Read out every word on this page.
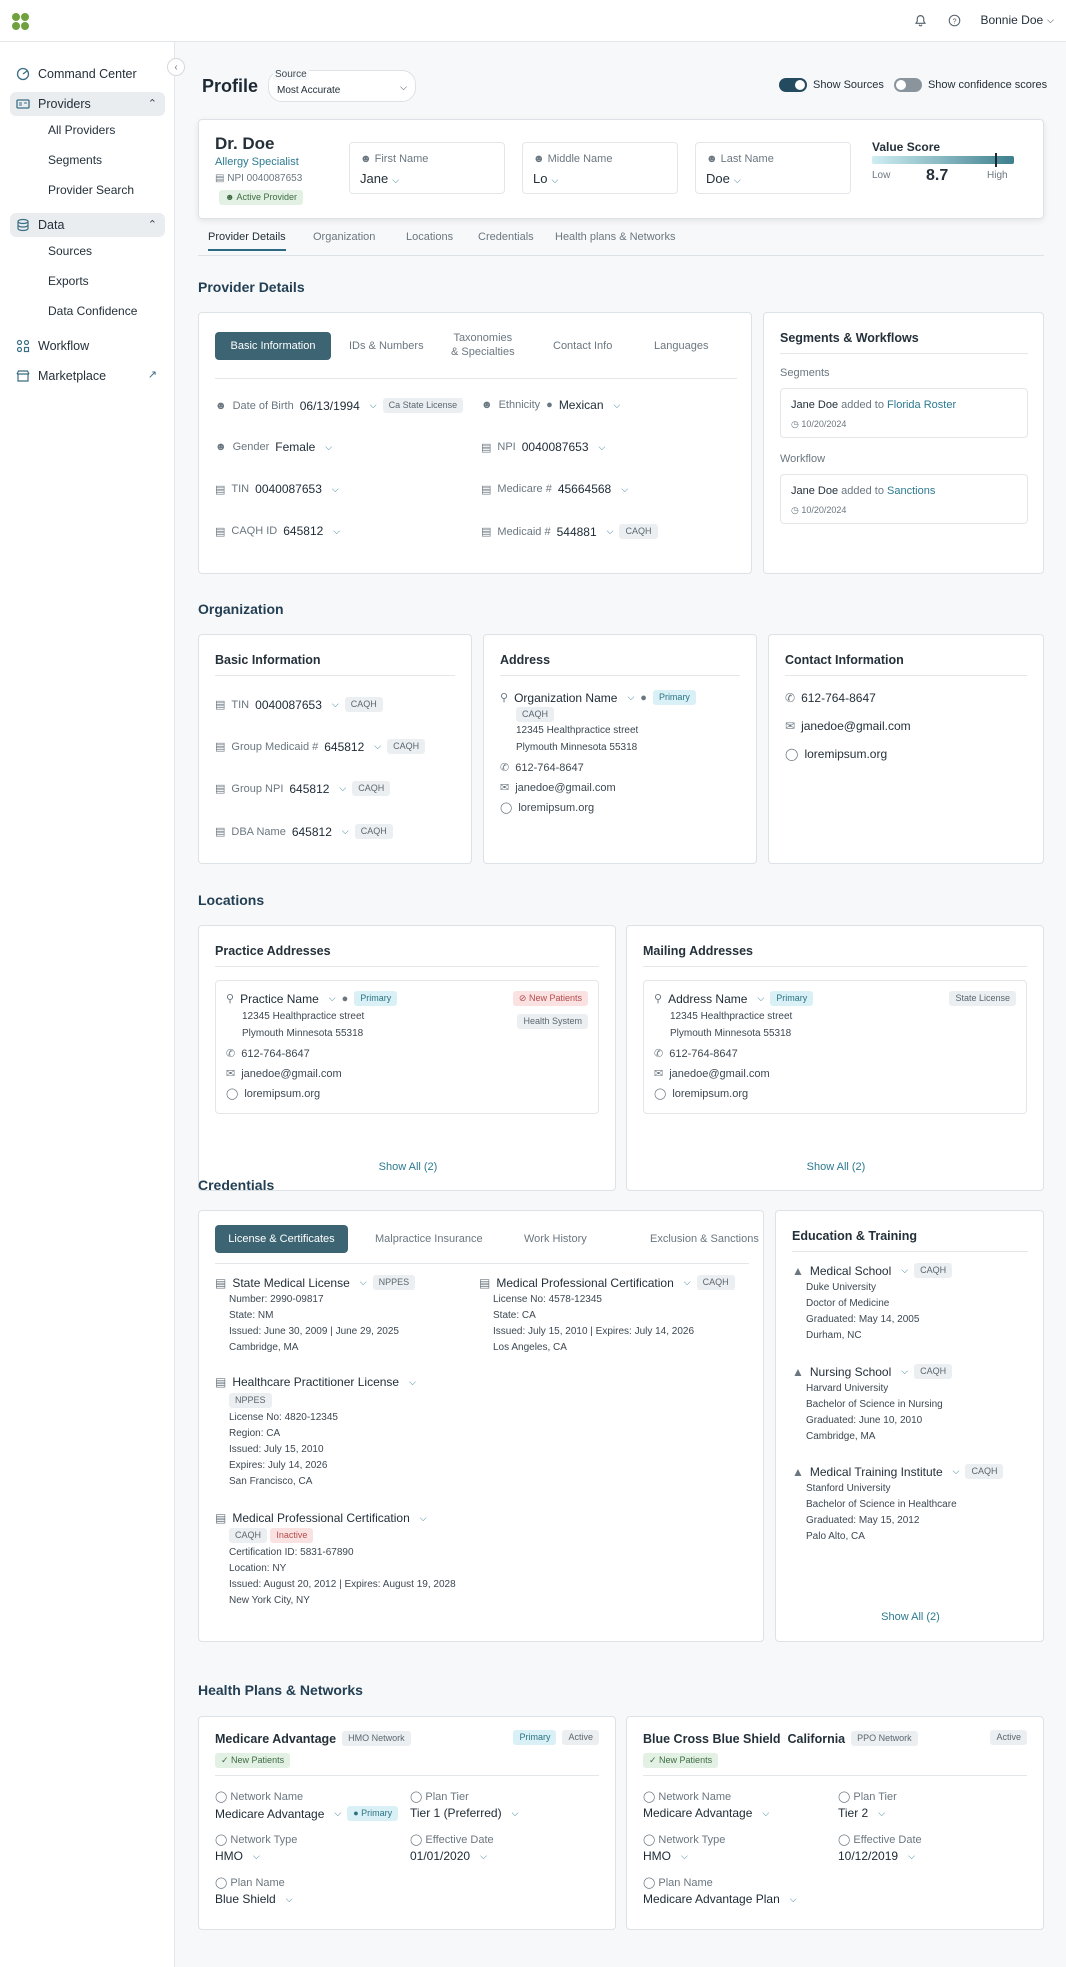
? Bonnie Doe ⌵
Command Center
Providers	⌃
All Providers
Segments
Provider Search
Data	⌃
Sources
Exports
Data Confidence
Workflow
Marketplace	↗
‹
Profile
Source
Most Accurate	⌵	Show Sources	Show confidence scores
Dr. Doe
Allergy Specialist
▤ NPI 0040087653
☻ Active Provider
☻ First Name
Jane ⌵
☻ Middle Name
Lo ⌵
☻ Last Name
Doe ⌵
Value Score
Low 8.7	High
Provider Details Organization	Locations Credentials Health plans & Networks
Provider Details
Basic Information	IDs & Numbers
Taxonomies
& Specialties	Contact Info	Languages
☻ Date of Birth 06/13/1994 ⌵	Ca State License	☻ Ethnicity ● Mexican ⌵
☻ Gender Female ⌵	▤ NPI 0040087653 ⌵
▤ TIN 0040087653 ⌵	▤ Medicare # 45664568 ⌵
▤ CAQH ID 645812 ⌵	▤ Medicaid # 544881 ⌵	CAQH
Segments & Workflows
Segments
Jane Doe added to Florida Roster
◷ 10/20/2024
Workflow
Jane Doe added to Sanctions
◷ 10/20/2024
Organization
Basic Information
▤ TIN 0040087653 ⌵	CAQH
▤ Group Medicaid # 645812 ⌵	CAQH
▤ Group NPI 645812 ⌵	CAQH
▤ DBA Name 645812 ⌵	CAQH
Address
⚲ Organization Name ⌵ ●	Primary
CAQH
12345 Healthpractice street
Plymouth Minnesota 55318
✆ 612-764-8647
✉ janedoe@gmail.com
◯ loremipsum.org
Contact Information
✆ 612-764-8647
✉ janedoe@gmail.com
◯ loremipsum.org
Locations
Practice Addresses
⚲ Practice Name ⌵ ●	Primary	⊘ New Patients
Health System
12345 Healthpractice street
Plymouth Minnesota 55318
✆ 612-764-8647
✉ janedoe@gmail.com
◯ loremipsum.org
Show All (2)
Mailing Addresses
⚲ Address Name ⌵	Primary	State License
12345 Healthpractice street
Plymouth Minnesota 55318
✆ 612-764-8647
✉ janedoe@gmail.com
◯ loremipsum.org
Show All (2)
Credentials
License & Certificates	Malpractice Insurance	Work History	Exclusion & Sanctions
▤ State Medical License ⌵	NPPES
Number: 2990-09817
State: NM
Issued: June 30, 2009 | June 29, 2025
Cambridge, MA
▤ Medical Professional Certification ⌵	CAQH
License No: 4578-12345
State: CA
Issued: July 15, 2010 | Expires: July 14, 2026
Los Angeles, CA
▤ Healthcare Practitioner License ⌵
NPPES
License No: 4820-12345
Region: CA
Issued: July 15, 2010
Expires: July 14, 2026
San Francisco, CA
▤ Medical Professional Certification ⌵
CAQH Inactive
Certification ID: 5831-67890
Location: NY
Issued: August 20, 2012 | Expires: August 19, 2028
New York City, NY
Education & Training
▲ Medical School ⌵	CAQH
Duke University
Doctor of Medicine
Graduated: May 14, 2005
Durham, NC
▲ Nursing School ⌵	CAQH
Harvard University
Bachelor of Science in Nursing
Graduated: June 10, 2010
Cambridge, MA
▲ Medical Training Institute ⌵	CAQH
Stanford University
Bachelor of Science in Healthcare
Graduated: May 15, 2012
Palo Alto, CA
Show All (2)
Health Plans & Networks
Medicare Advantage	HMO Network	Primary	Active
✓ New Patients
◯ Network Name
Medicare Advantage ⌵	● Primary
◯ Plan Tier
Tier 1 (Preferred) ⌵
◯ Network Type
HMO ⌵
◯ Effective Date
01/01/2020 ⌵
◯ Plan Name
Blue Shield ⌵
Blue Cross Blue Shield  California	PPO Network	Active
✓ New Patients
◯ Network Name
Medicare Advantage ⌵
◯ Plan Tier
Tier 2 ⌵
◯ Network Type
HMO ⌵
◯ Effective Date
10/12/2019 ⌵
◯ Plan Name
Medicare Advantage Plan ⌵
